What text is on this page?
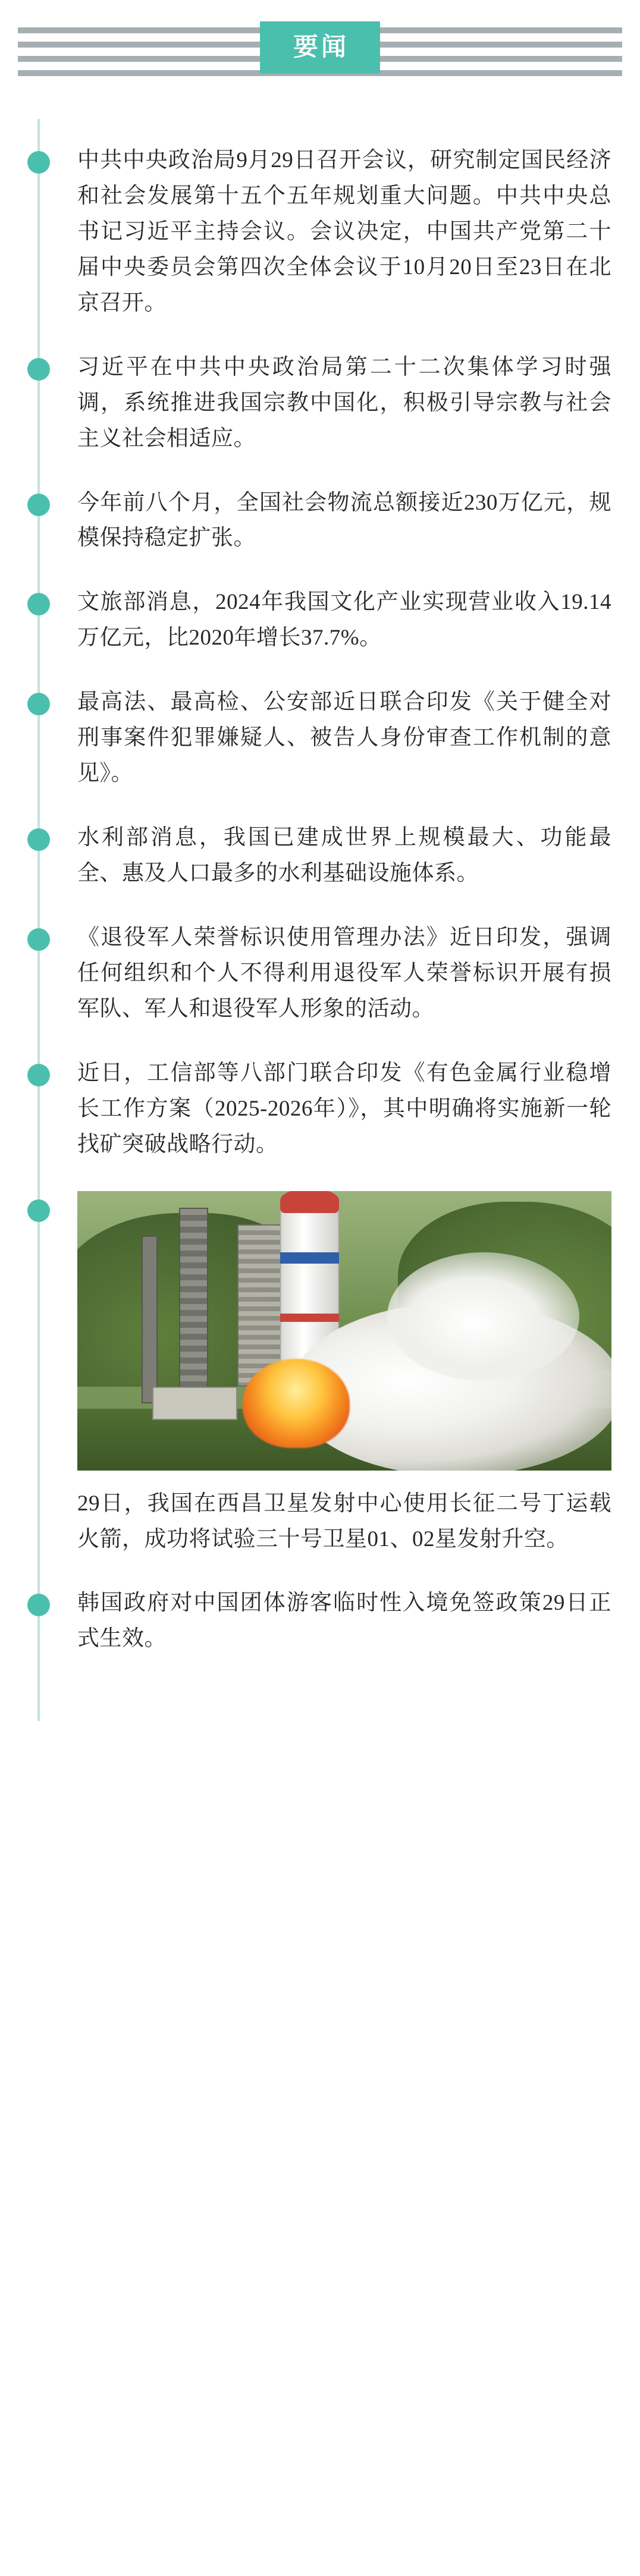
要闻
中共中央政治局9月29日召开会议，研究制定国民经济和社会发展第十五个五年规划重大问题。中共中央总书记习近平主持会议。会议决定，中国共产党第二十届中央委员会第四次全体会议于10月20日至23日在北京召开。
习近平在中共中央政治局第二十二次集体学习时强调，系统推进我国宗教中国化，积极引导宗教与社会主义社会相适应。
今年前八个月，全国社会物流总额接近230万亿元，规模保持稳定扩张。
文旅部消息，2024年我国文化产业实现营业收入19.14万亿元，比2020年增长37.7%。
最高法、最高检、公安部近日联合印发《关于健全对刑事案件犯罪嫌疑人、被告人身份审查工作机制的意见》。
水利部消息，我国已建成世界上规模最大、功能最全、惠及人口最多的水利基础设施体系。
《退役军人荣誉标识使用管理办法》近日印发，强调任何组织和个人不得利用退役军人荣誉标识开展有损军队、军人和退役军人形象的活动。
近日，工信部等八部门联合印发《有色金属行业稳增长工作方案（2025-2026年）》，其中明确将实施新一轮找矿突破战略行动。
29日，我国在西昌卫星发射中心使用长征二号丁运载火箭，成功将试验三十号卫星01、02星发射升空。
韩国政府对中国团体游客临时性入境免签政策29日正式生效。
